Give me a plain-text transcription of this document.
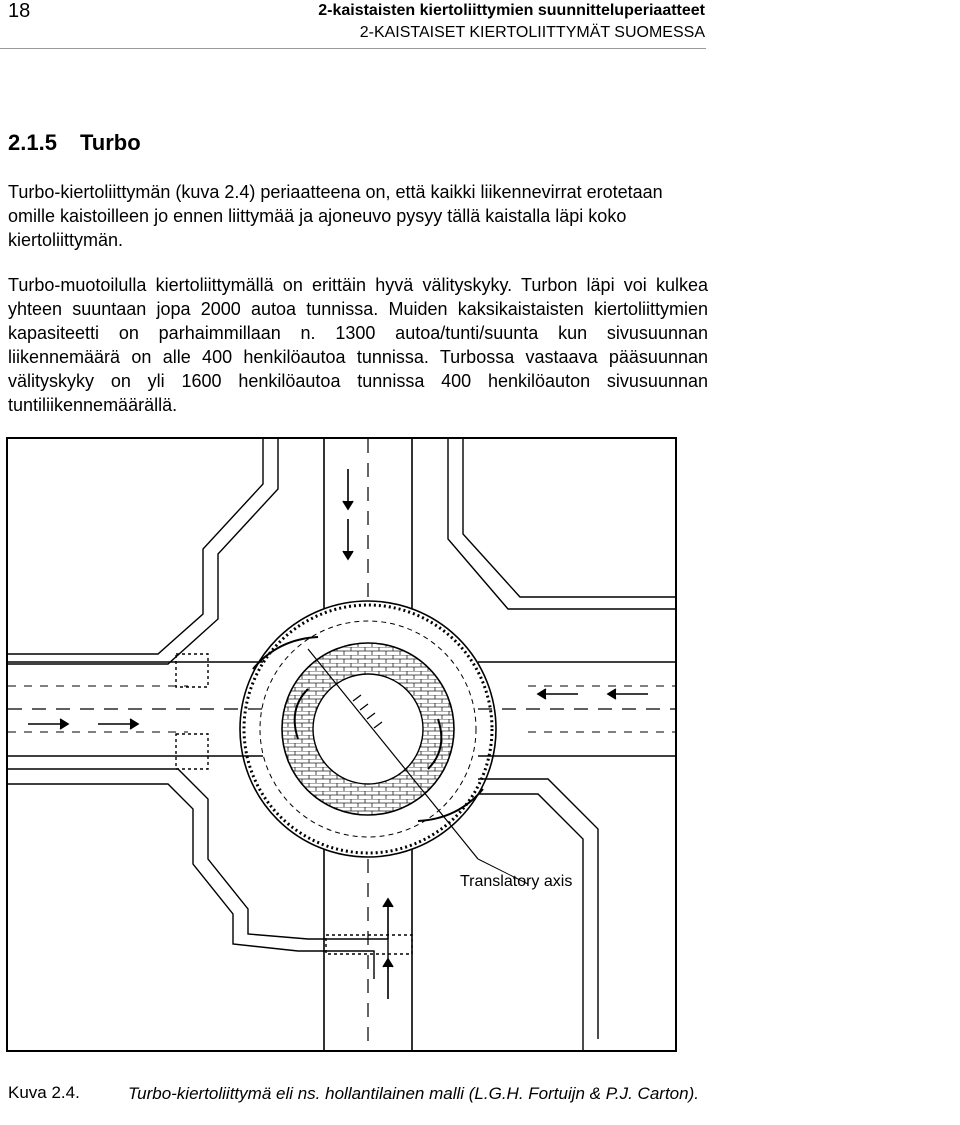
18	2-kaistaisten kiertoliittymien suunnitteluperiaatteet
2-KAISTAISET KIERTOLIITTYMÄT SUOMESSA
2.1.5 Turbo

Turbo-kiertoliittymän (kuva 2.4) periaatteena on, että kaikki liikennevirrat erotetaan omille kaistoilleen jo ennen liittymää ja ajoneuvo pysyy tällä kaistalla läpi koko kiertoliittymän.

Turbo-muotoilulla kiertoliittymällä on erittäin hyvä välityskyky. Turbon läpi voi kulkea yhteen suuntaan jopa 2000 autoa tunnissa. Muiden kaksikaistaisten kiertoliittymien kapasiteetti on parhaimmillaan n. 1300 autoa/tunti/suunta kun sivusuunnan liikennemäärä on alle 400 henkilöautoa tunnissa. Turbossa vastaava pääsuunnan välityskyky on yli 1600 henkilöautoa tunnissa 400 henkilöauton sivusuunnan tuntiliikennemäärällä.

Translatory axis
Kuva 2.4.	Turbo-kiertoliittymä eli ns. hollantilainen malli (L.G.H. Fortuijn & P.J. Carton).
